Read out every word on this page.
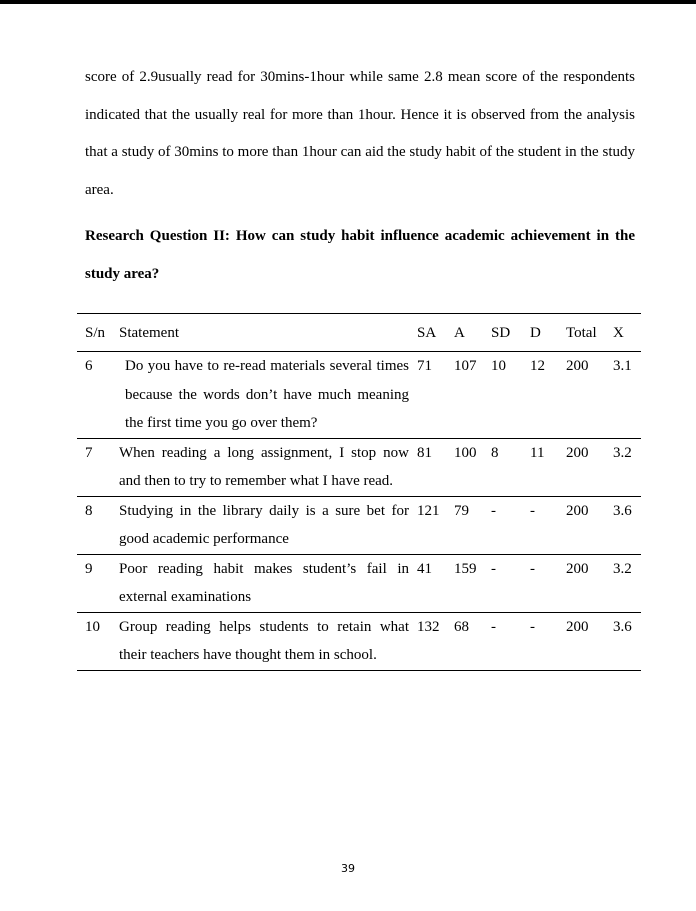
score of 2.9usually read for 30mins-1hour while same 2.8 mean score of the respondents indicated that the usually real for more than 1hour. Hence it is observed from the analysis that a study of 30mins to more than 1hour can aid the study habit of the student in the study area.

Research Question II: How can study habit influence academic achievement in the study area?

S/n	Statement	SA	A	SD	D	Total	X
6	Do you have to re-read materials several times because the words don’t have much meaning the first time you go over them?	71	107	10	12	200	3.1
7	When reading a long assignment, I stop now and then to try to remember what I have read.	81	100	8	11	200	3.2
8	Studying in the library daily is a sure bet for good academic performance	121	79	-	-	200	3.6
9	Poor reading habit makes student’s fail in external examinations	41	159	-	-	200	3.2
10	Group reading helps students to retain what their teachers have thought them in school.	132	68	-	-	200	3.6
39
